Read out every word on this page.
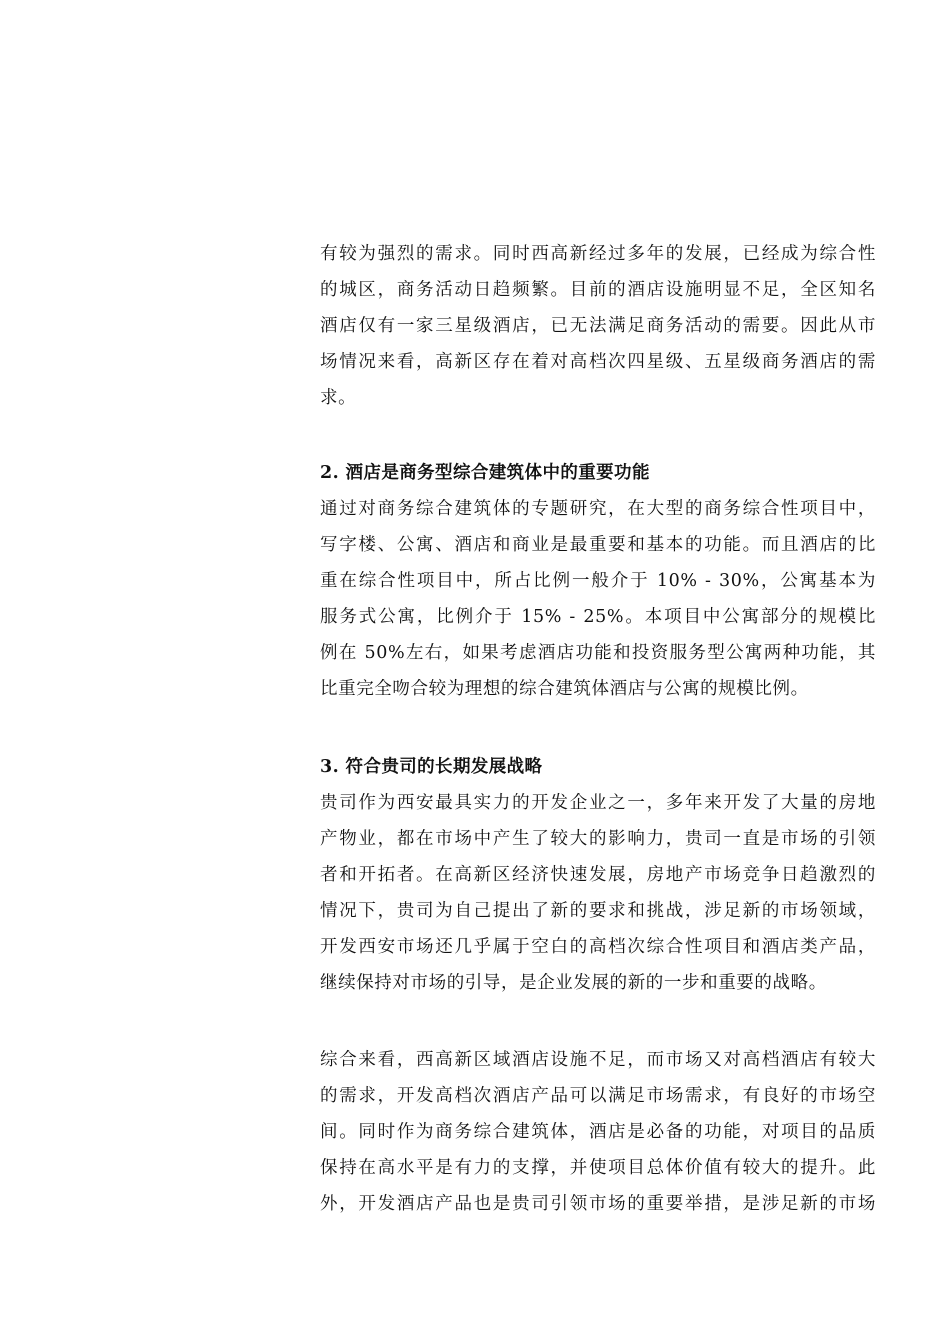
有较为强烈的需求。同时西高新经过多年的发展，已经成为综合性
的城区，商务活动日趋频繁。目前的酒店设施明显不足，全区知名
酒店仅有一家三星级酒店，已无法满足商务活动的需要。因此从市
场情况来看，高新区存在着对高档次四星级、五星级商务酒店的需
求。
2. 酒店是商务型综合建筑体中的重要功能
通过对商务综合建筑体的专题研究，在大型的商务综合性项目中，
写字楼、公寓、酒店和商业是最重要和基本的功能。而且酒店的比
重在综合性项目中，所占比例一般介于 10% - 30%，公寓基本为
服务式公寓，比例介于 15% - 25%。本项目中公寓部分的规模比
例在 50%左右，如果考虑酒店功能和投资服务型公寓两种功能，其
比重完全吻合较为理想的综合建筑体酒店与公寓的规模比例。
3. 符合贵司的长期发展战略
贵司作为西安最具实力的开发企业之一，多年来开发了大量的房地
产物业，都在市场中产生了较大的影响力，贵司一直是市场的引领
者和开拓者。在高新区经济快速发展，房地产市场竞争日趋激烈的
情况下，贵司为自己提出了新的要求和挑战，涉足新的市场领域，
开发西安市场还几乎属于空白的高档次综合性项目和酒店类产品，
继续保持对市场的引导，是企业发展的新的一步和重要的战略。
综合来看，西高新区域酒店设施不足，而市场又对高档酒店有较大
的需求，开发高档次酒店产品可以满足市场需求，有良好的市场空
间。同时作为商务综合建筑体，酒店是必备的功能，对项目的品质
保持在高水平是有力的支撑，并使项目总体价值有较大的提升。此
外，开发酒店产品也是贵司引领市场的重要举措，是涉足新的市场
